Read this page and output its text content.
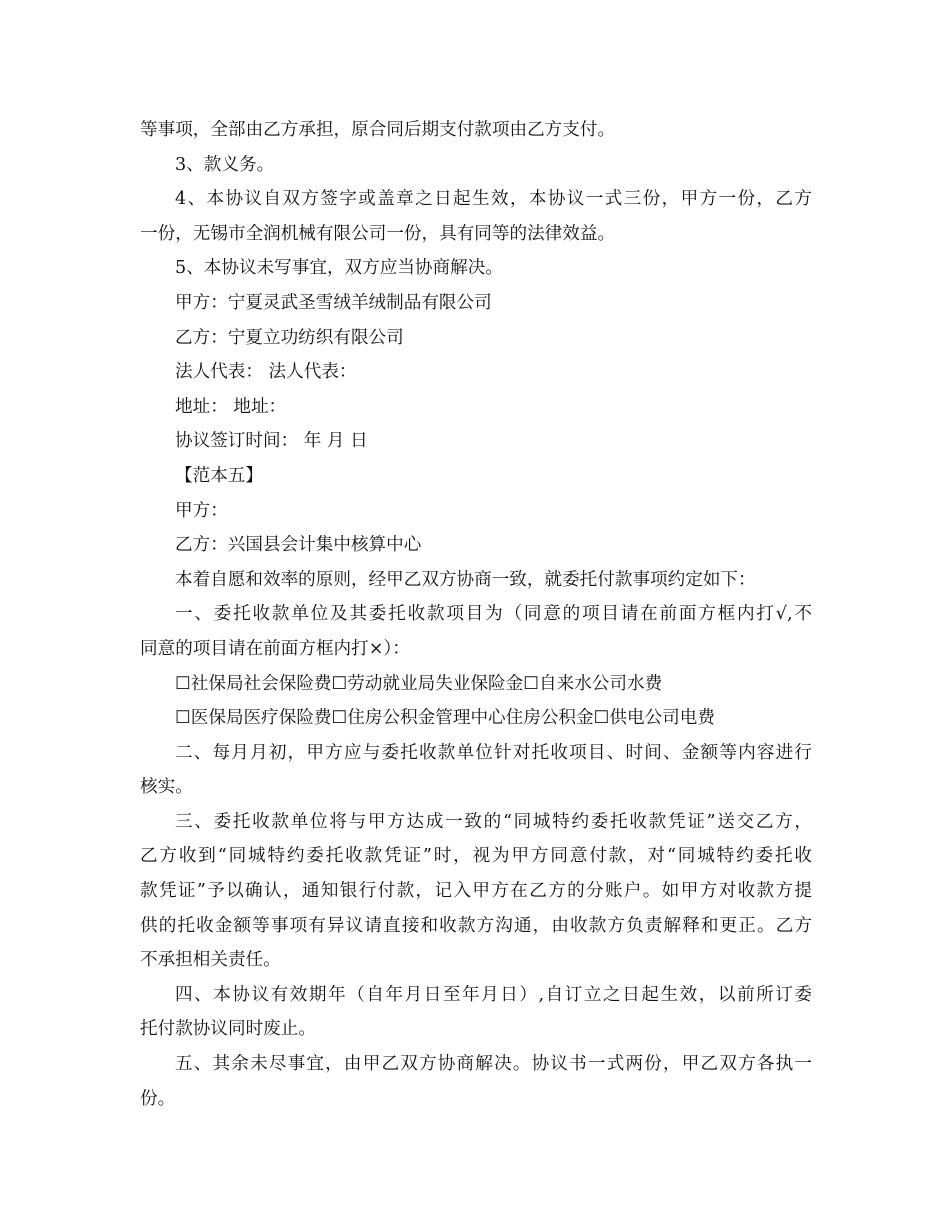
等事项，全部由乙方承担，原合同后期支付款项由乙方支付。
3、款义务。
4、本协议自双方签字或盖章之日起生效，本协议一式三份，甲方一份，乙方
一份，无锡市全润机械有限公司一份，具有同等的法律效益。
5、本协议未写事宜，双方应当协商解决。
甲方：宁夏灵武圣雪绒羊绒制品有限公司
乙方：宁夏立功纺织有限公司
法人代表： 法人代表：
地址： 地址：
协议签订时间： 年 月 日
【范本五】
甲方：
乙方：兴国县会计集中核算中心
本着自愿和效率的原则，经甲乙双方协商一致，就委托付款事项约定如下：
一、委托收款单位及其委托收款项目为（同意的项目请在前面方框内打√,不
同意的项目请在前面方框内打×）：
☐社保局社会保险费☐劳动就业局失业保险金☐自来水公司水费
☐医保局医疗保险费☐住房公积金管理中心住房公积金☐供电公司电费
二、每月月初，甲方应与委托收款单位针对托收项目、时间、金额等内容进行
核实。
三、委托收款单位将与甲方达成一致的“同城特约委托收款凭证”送交乙方，
乙方收到“同城特约委托收款凭证”时，视为甲方同意付款，对“同城特约委托收
款凭证”予以确认，通知银行付款，记入甲方在乙方的分账户。如甲方对收款方提
供的托收金额等事项有异议请直接和收款方沟通，由收款方负责解释和更正。乙方
不承担相关责任。
四、本协议有效期年（自年月日至年月日）,自订立之日起生效，以前所订委
托付款协议同时废止。
五、其余未尽事宜，由甲乙双方协商解决。协议书一式两份，甲乙双方各执一
份。
